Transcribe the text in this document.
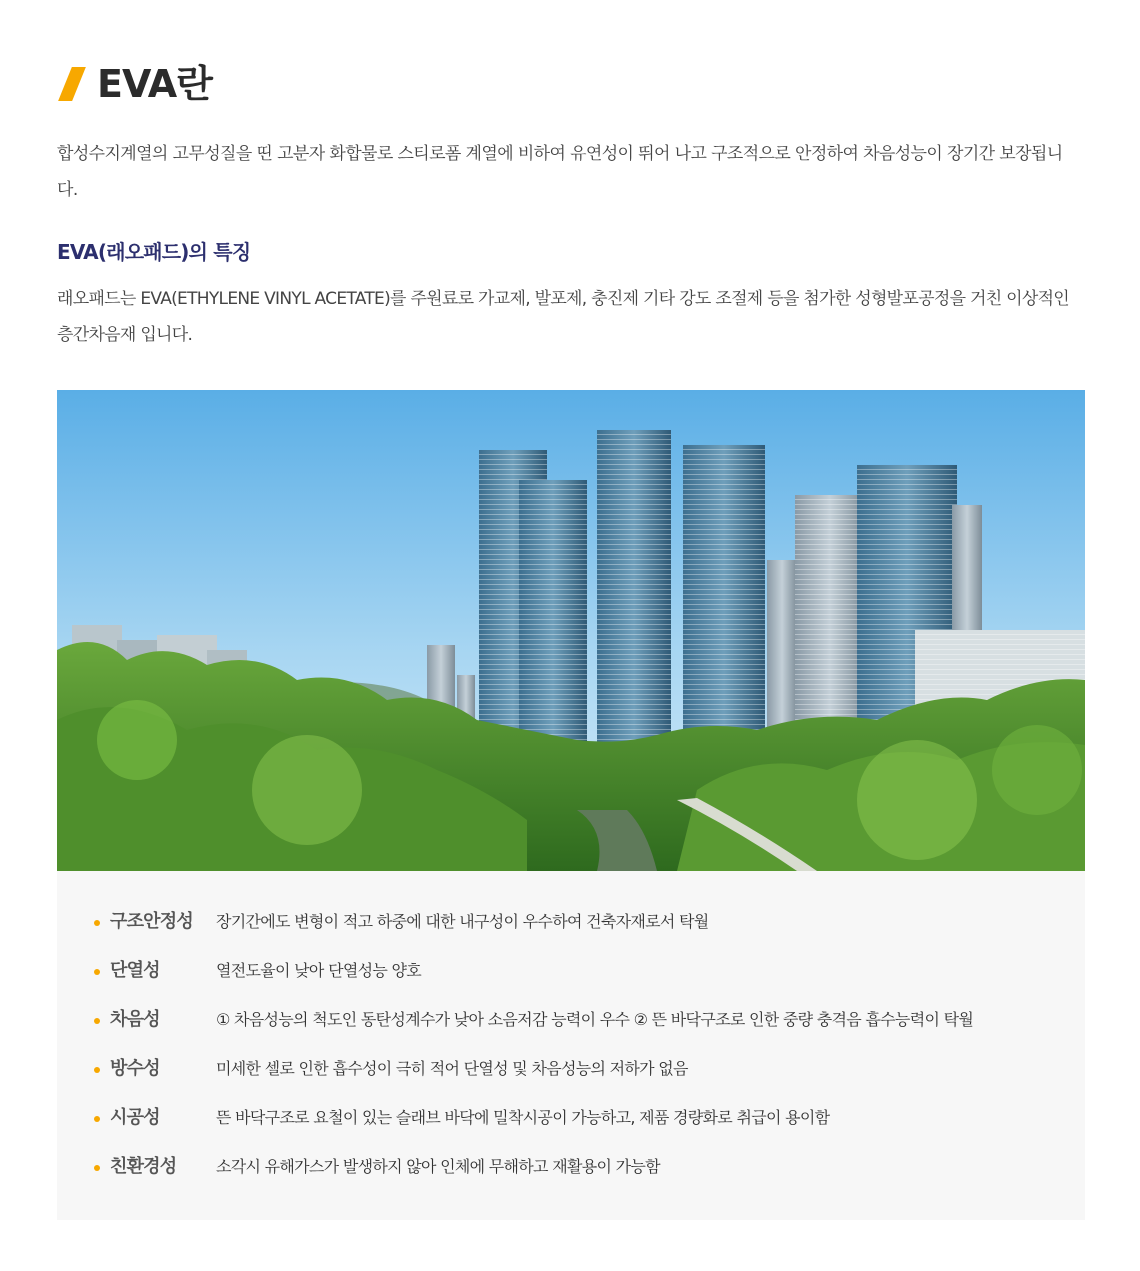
EVA란

합성수지계열의 고무성질을 띤 고분자 화합물로 스티로폼 계열에 비하여 유연성이 뛰어 나고 구조적으로 안정하여 차음성능이 장기간 보장됩니다.

EVA(래오패드)의 특징

래오패드는 EVA(ETHYLENE VINYL ACETATE)를 주원료로 가교제, 발포제, 충진제 기타 강도 조절제 등을 첨가한 성형발포공정을 거친 이상적인 층간차음재 입니다.

구조안정성	장기간에도 변형이 적고 하중에 대한 내구성이 우수하여 건축자재로서 탁월
단열성	열전도율이 낮아 단열성능 양호
차음성	① 차음성능의 척도인 동탄성계수가 낮아 소음저감 능력이 우수 ② 뜬 바닥구조로 인한 중량 충격음 흡수능력이 탁월
방수성	미세한 셀로 인한 흡수성이 극히 적어 단열성 및 차음성능의 저하가 없음
시공성	뜬 바닥구조로 요철이 있는 슬래브 바닥에 밀착시공이 가능하고, 제품 경량화로 취급이 용이함
친환경성	소각시 유해가스가 발생하지 않아 인체에 무해하고 재활용이 가능함
